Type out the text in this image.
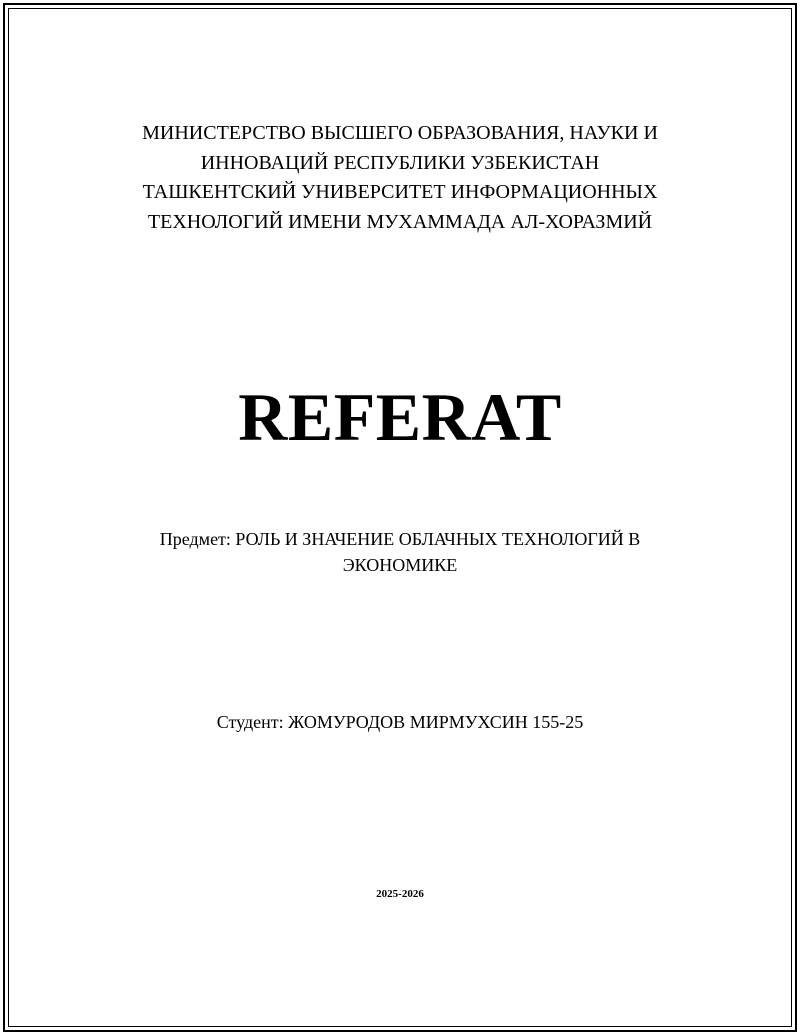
МИНИСТЕРСТВО ВЫСШЕГО ОБРАЗОВАНИЯ, НАУКИ И
ИННОВАЦИЙ РЕСПУБЛИКИ УЗБЕКИСТАН
ТАШКЕНТСКИЙ УНИВЕРСИТЕТ ИНФОРМАЦИОННЫХ
ТЕХНОЛОГИЙ ИМЕНИ МУХАММАДА АЛ-ХОРАЗМИЙ
REFERAT
Предмет: РОЛЬ И ЗНАЧЕНИЕ ОБЛАЧНЫХ ТЕХНОЛОГИЙ В
ЭКОНОМИКЕ
Студент: ЖОМУРОДОВ МИРМУХСИН 155-25
2025-2026
